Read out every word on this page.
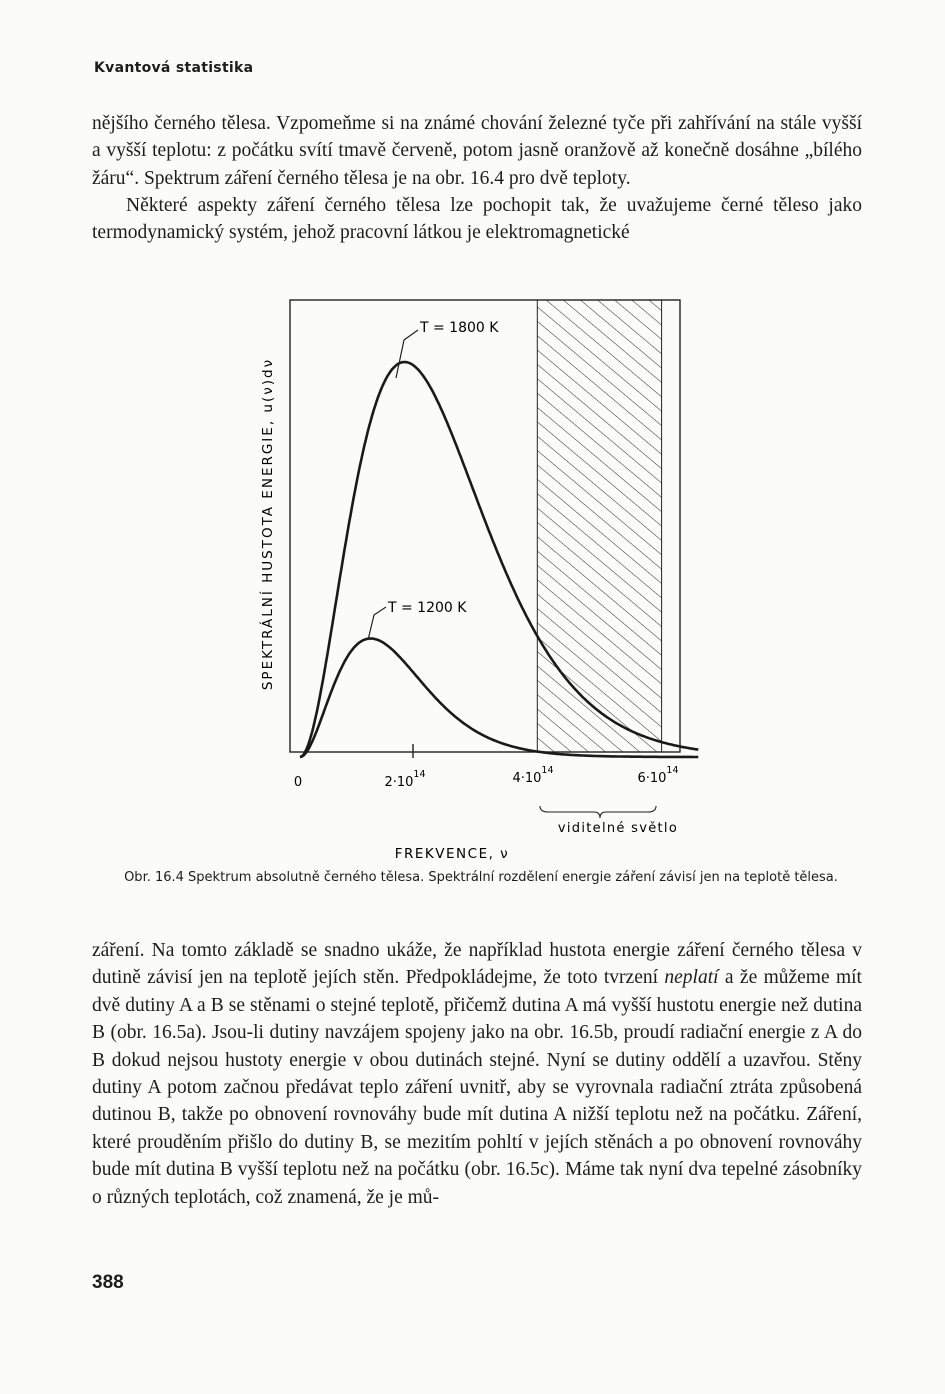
Kvantová statistika

nějšího černého tělesa. Vzpomeňme si na známé chování železné tyče při zahřívání na stále vyšší a vyšší teplotu: z počátku svítí tmavě červeně, potom jasně oranžově až konečně dosáhne „bílého žáru“. Spektrum záření černého tělesa je na obr. 16.4 pro dvě teploty.

Některé aspekty záření černého tělesa lze pochopit tak, že uvažujeme černé těleso jako termodynamický systém, jehož pracovní látkou je elektromagnetické

T = 1800 K
T = 1200 K
SPEKTRÁLNÍ HUSTOTA ENERGIE, u(ν)dν
0	$2\cdot 10^{14}$	$4\cdot 10^{14}$
$6\cdot 10^{14}$
viditelné světlo
FREKVENCE, ν
Obr. 16.4 Spektrum absolutně černého tělesa. Spektrální rozdělení energie záření závisí jen na teplotě tělesa.

záření. Na tomto základě se snadno ukáže, že například hustota energie záření černého tělesa v dutině závisí jen na teplotě jejích stěn. Předpokládejme, že toto tvrzení neplatí a že můžeme mít dvě dutiny A a B se stěnami o stejné teplotě, přičemž dutina A má vyšší hustotu energie než dutina B (obr. 16.5a). Jsou-li dutiny navzájem spojeny jako na obr. 16.5b, proudí radiační energie z A do B dokud nejsou hustoty energie v obou dutinách stejné. Nyní se dutiny oddělí a uzavřou. Stěny dutiny A potom začnou předávat teplo záření uvnitř, aby se vyrovnala radiační ztráta způsobená dutinou B, takže po obnovení rovnováhy bude mít dutina A nižší teplotu než na počátku. Záření, které prouděním přišlo do dutiny B, se mezitím pohltí v jejích stěnách a po obnovení rovnováhy bude mít dutina B vyšší teplotu než na počátku (obr. 16.5c). Máme tak nyní dva tepelné zásobníky o různých teplotách, což znamená, že je mů-

388
